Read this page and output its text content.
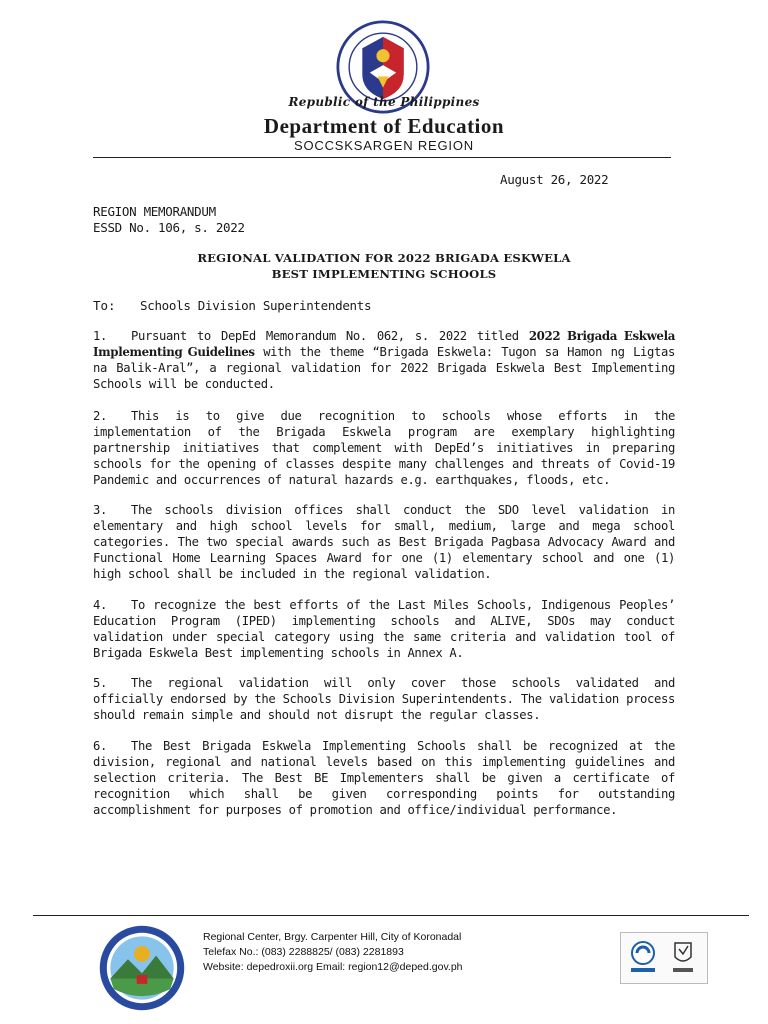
Republic of the Philippines
Department of Education
SOCCSKSARGEN REGION
August 26, 2022
REGION MEMORANDUM
ESSD No. 106, s. 2022
REGIONAL VALIDATION FOR 2022 BRIGADA ESKWELA
BEST IMPLEMENTING SCHOOLS
To: Schools Division Superintendents

1. Pursuant to DepEd Memorandum No. 062, s. 2022 titled 2022 Brigada Eskwela Implementing Guidelines with the theme “Brigada Eskwela: Tugon sa Hamon ng Ligtas na Balik-Aral”, a regional validation for 2022 Brigada Eskwela Best Implementing Schools will be conducted.

2. This is to give due recognition to schools whose efforts in the implementation of the Brigada Eskwela program are exemplary highlighting partnership initiatives that complement with DepEd’s initiatives in preparing schools for the opening of classes despite many challenges and threats of Covid-19 Pandemic and occurrences of natural hazards e.g. earthquakes, floods, etc.

3. The schools division offices shall conduct the SDO level validation in elementary and high school levels for small, medium, large and mega school categories. The two special awards such as Best Brigada Pagbasa Advocacy Award and Functional Home Learning Spaces Award for one (1) elementary school and one (1) high school shall be included in the regional validation.

4. To recognize the best efforts of the Last Miles Schools, Indigenous Peoples’ Education Program (IPED) implementing schools and ALIVE, SDOs may conduct validation under special category using the same criteria and validation tool of Brigada Eskwela Best implementing schools in Annex A.

5. The regional validation will only cover those schools validated and officially endorsed by the Schools Division Superintendents. The validation process should remain simple and should not disrupt the regular classes.

6. The Best Brigada Eskwela Implementing Schools shall be recognized at the division, regional and national levels based on this implementing guidelines and selection criteria. The Best BE Implementers shall be given a certificate of recognition which shall be given corresponding points for outstanding accomplishment for purposes of promotion and office/individual performance.

Regional Center, Brgy. Carpenter Hill, City of Koronadal
Telefax No.: (083) 2288825/ (083) 2281893
Website: depedroxii.org Email: region12@deped.gov.ph
